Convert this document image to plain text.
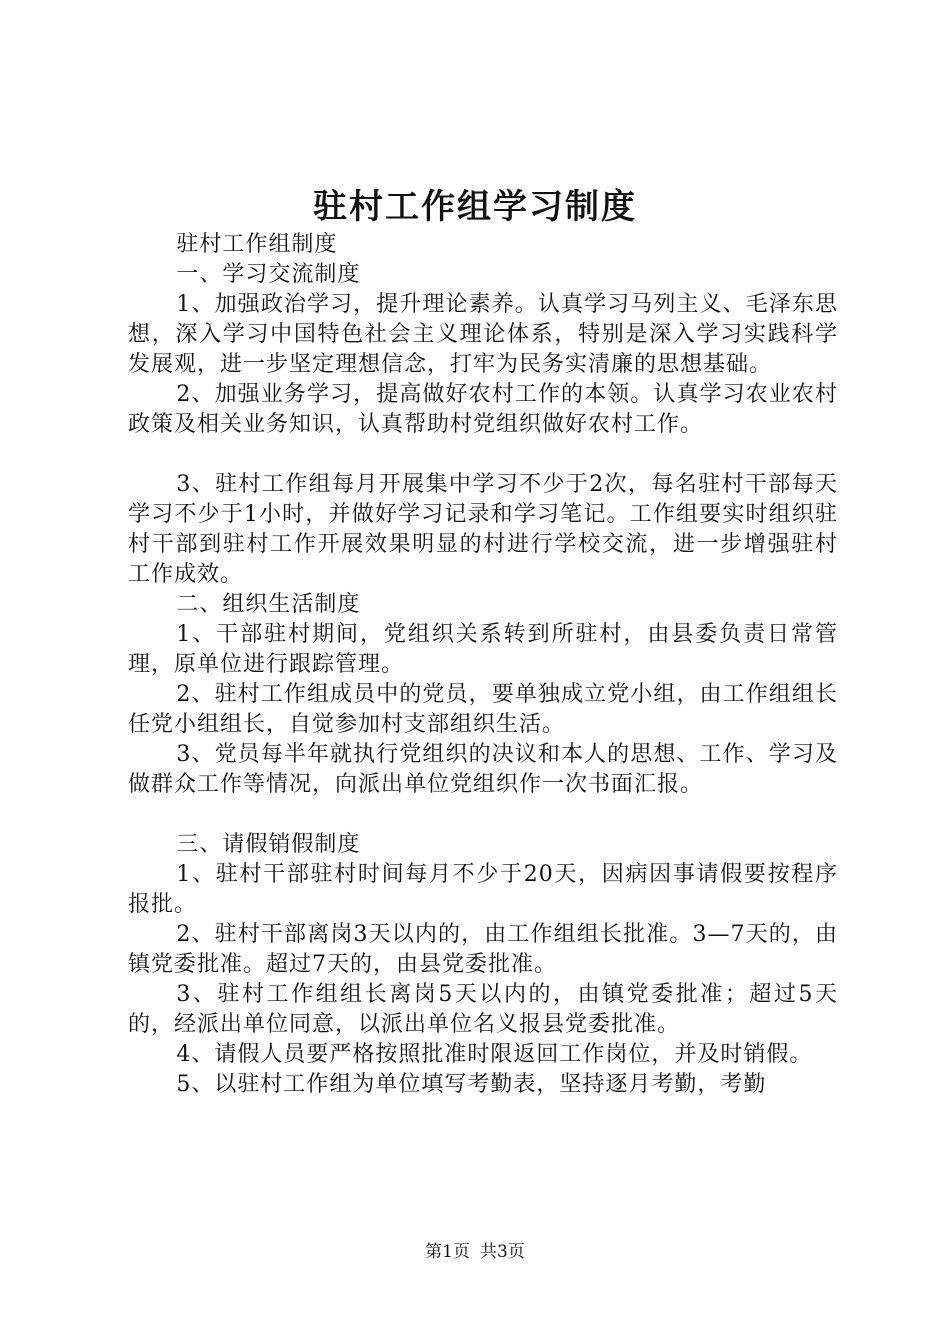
驻村工作组学习制度

驻村工作组制度

一、学习交流制度

1、加强政治学习，提升理论素养。认真学习马列主义、毛泽东思想，深入学习中国特色社会主义理论体系，特别是深入学习实践科学发展观，进一步坚定理想信念，打牢为民务实清廉的思想基础。

2、加强业务学习，提高做好农村工作的本领。认真学习农业农村政策及相关业务知识，认真帮助村党组织做好农村工作。

3、驻村工作组每月开展集中学习不少于2次，每名驻村干部每天学习不少于1小时，并做好学习记录和学习笔记。工作组要实时组织驻村干部到驻村工作开展效果明显的村进行学校交流，进一步增强驻村工作成效。

二、组织生活制度

1、干部驻村期间，党组织关系转到所驻村，由县委负责日常管理，原单位进行跟踪管理。

2、驻村工作组成员中的党员，要单独成立党小组，由工作组组长任党小组组长，自觉参加村支部组织生活。

3、党员每半年就执行党组织的决议和本人的思想、工作、学习及做群众工作等情况，向派出单位党组织作一次书面汇报。

三、请假销假制度

1、驻村干部驻村时间每月不少于20天，因病因事请假要按程序报批。

2、驻村干部离岗3天以内的，由工作组组长批准。3—7天的，由镇党委批准。超过7天的，由县党委批准。

3、驻村工作组组长离岗5天以内的，由镇党委批准；超过5天的，经派出单位同意，以派出单位名义报县党委批准。

4、请假人员要严格按照批准时限返回工作岗位，并及时销假。

5、以驻村工作组为单位填写考勤表，坚持逐月考勤，考勤

第1页 共3页
